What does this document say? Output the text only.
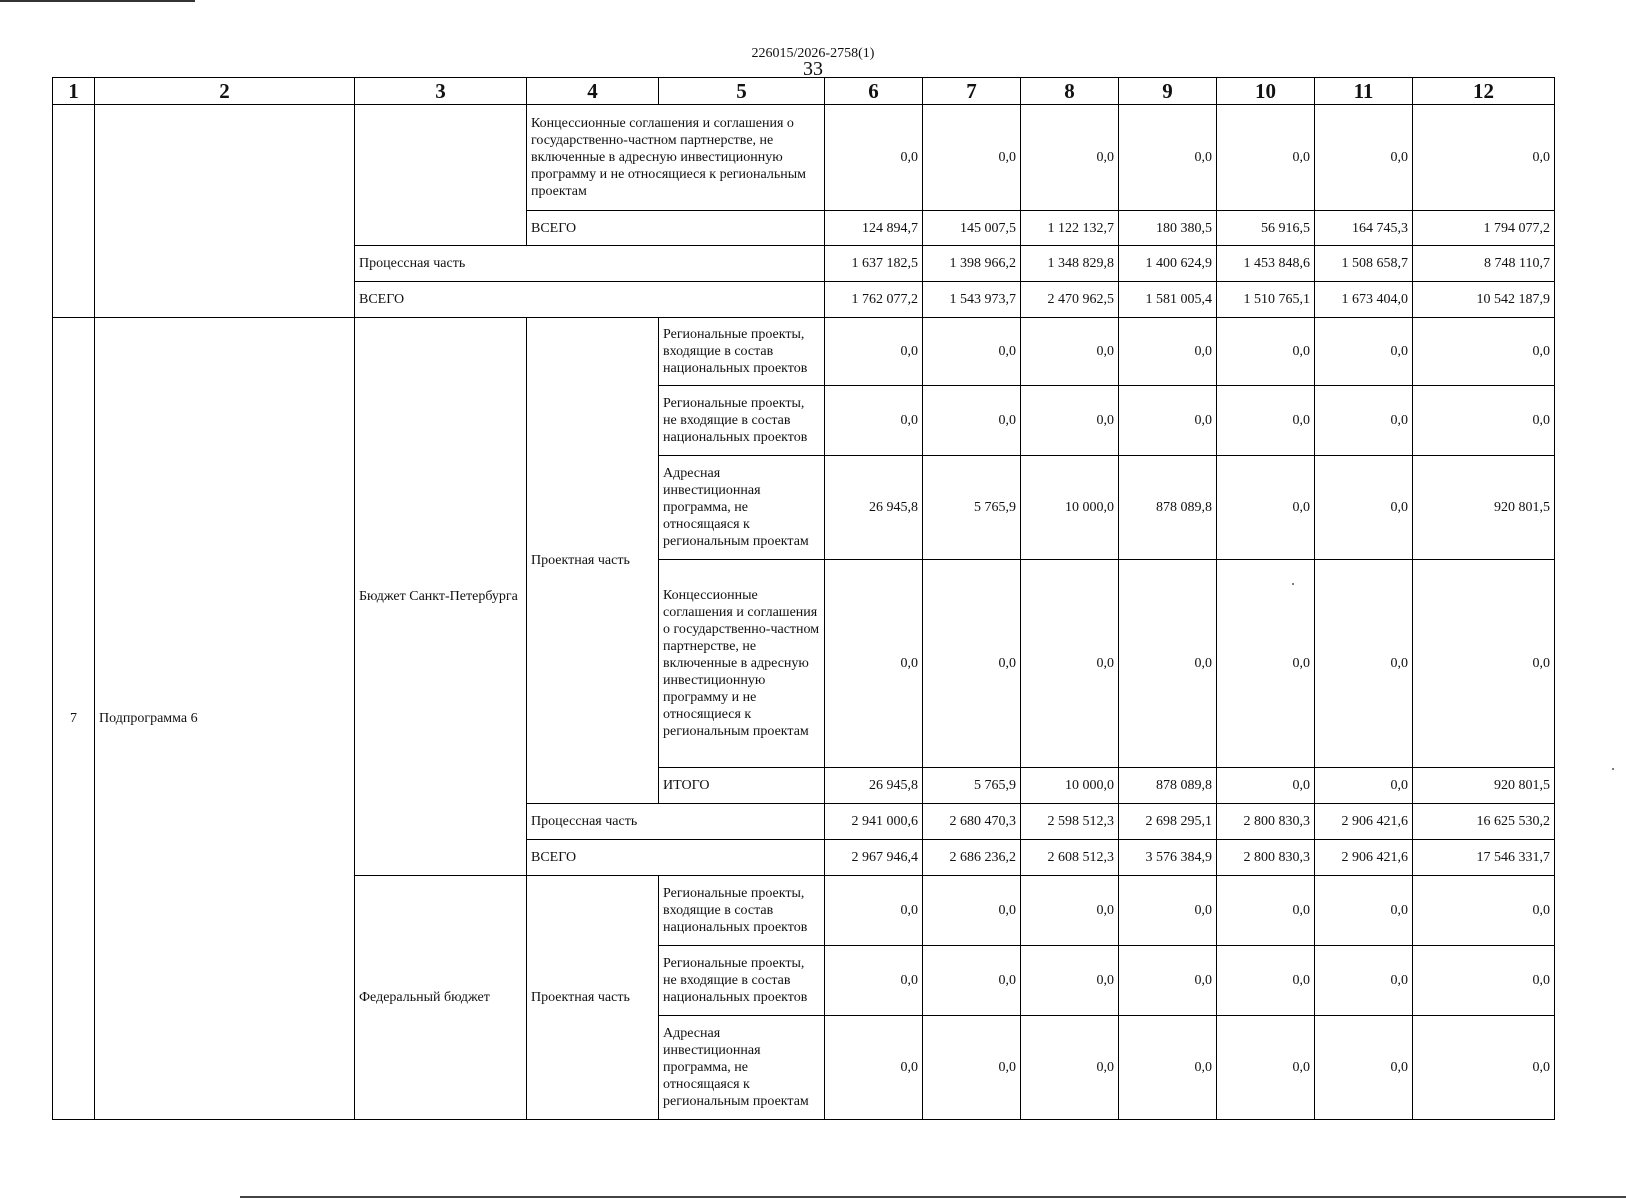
226015/2026-2758(1)
33
1	2	3	4	5	6	7	8	9	10	11	12
			Концессионные соглашения и соглашения о государственно-частном партнерстве, не включенные в адресную инвестиционную программу и не относящиеся к региональным проектам		0,0	0,0	0,0	0,0	0,0	0,0	0,0
			ВСЕГО		124 894,7	145 007,5	1 122 132,7	180 380,5	56 916,5	164 745,3	1 794 077,2
		Процессная часть			1 637 182,5	1 398 966,2	1 348 829,8	1 400 624,9	1 453 848,6	1 508 658,7	8 748 110,7
		ВСЕГО			1 762 077,2	1 543 973,7	2 470 962,5	1 581 005,4	1 510 765,1	1 673 404,0	10 542 187,9
7	Подпрограмма 6	Бюджет Санкт-Петербурга	Проектная часть	Региональные проекты, входящие в состав национальных проектов	0,0	0,0	0,0	0,0	0,0	0,0	0,0
				Региональные проекты, не входящие в состав национальных проектов	0,0	0,0	0,0	0,0	0,0	0,0	0,0
				Адресная инвестиционная программа, не относящаяся к региональным проектам	26 945,8	5 765,9	10 000,0	878 089,8	0,0	0,0	920 801,5
				Концессионные соглашения и соглашения о государственно-частном партнерстве, не включенные в адресную инвестиционную программу и не относящиеся к региональным проектам	0,0	0,0	0,0	0,0	0,0	0,0	0,0
				ИТОГО	26 945,8	5 765,9	10 000,0	878 089,8	0,0	0,0	920 801,5
			Процессная часть		2 941 000,6	2 680 470,3	2 598 512,3	2 698 295,1	2 800 830,3	2 906 421,6	16 625 530,2
			ВСЕГО		2 967 946,4	2 686 236,2	2 608 512,3	3 576 384,9	2 800 830,3	2 906 421,6	17 546 331,7
		Федеральный бюджет	Проектная часть	Региональные проекты, входящие в состав национальных проектов	0,0	0,0	0,0	0,0	0,0	0,0	0,0
				Региональные проекты, не входящие в состав национальных проектов	0,0	0,0	0,0	0,0	0,0	0,0	0,0
				Адресная инвестиционная программа, не относящаяся к региональным проектам	0,0	0,0	0,0	0,0	0,0	0,0	0,0
